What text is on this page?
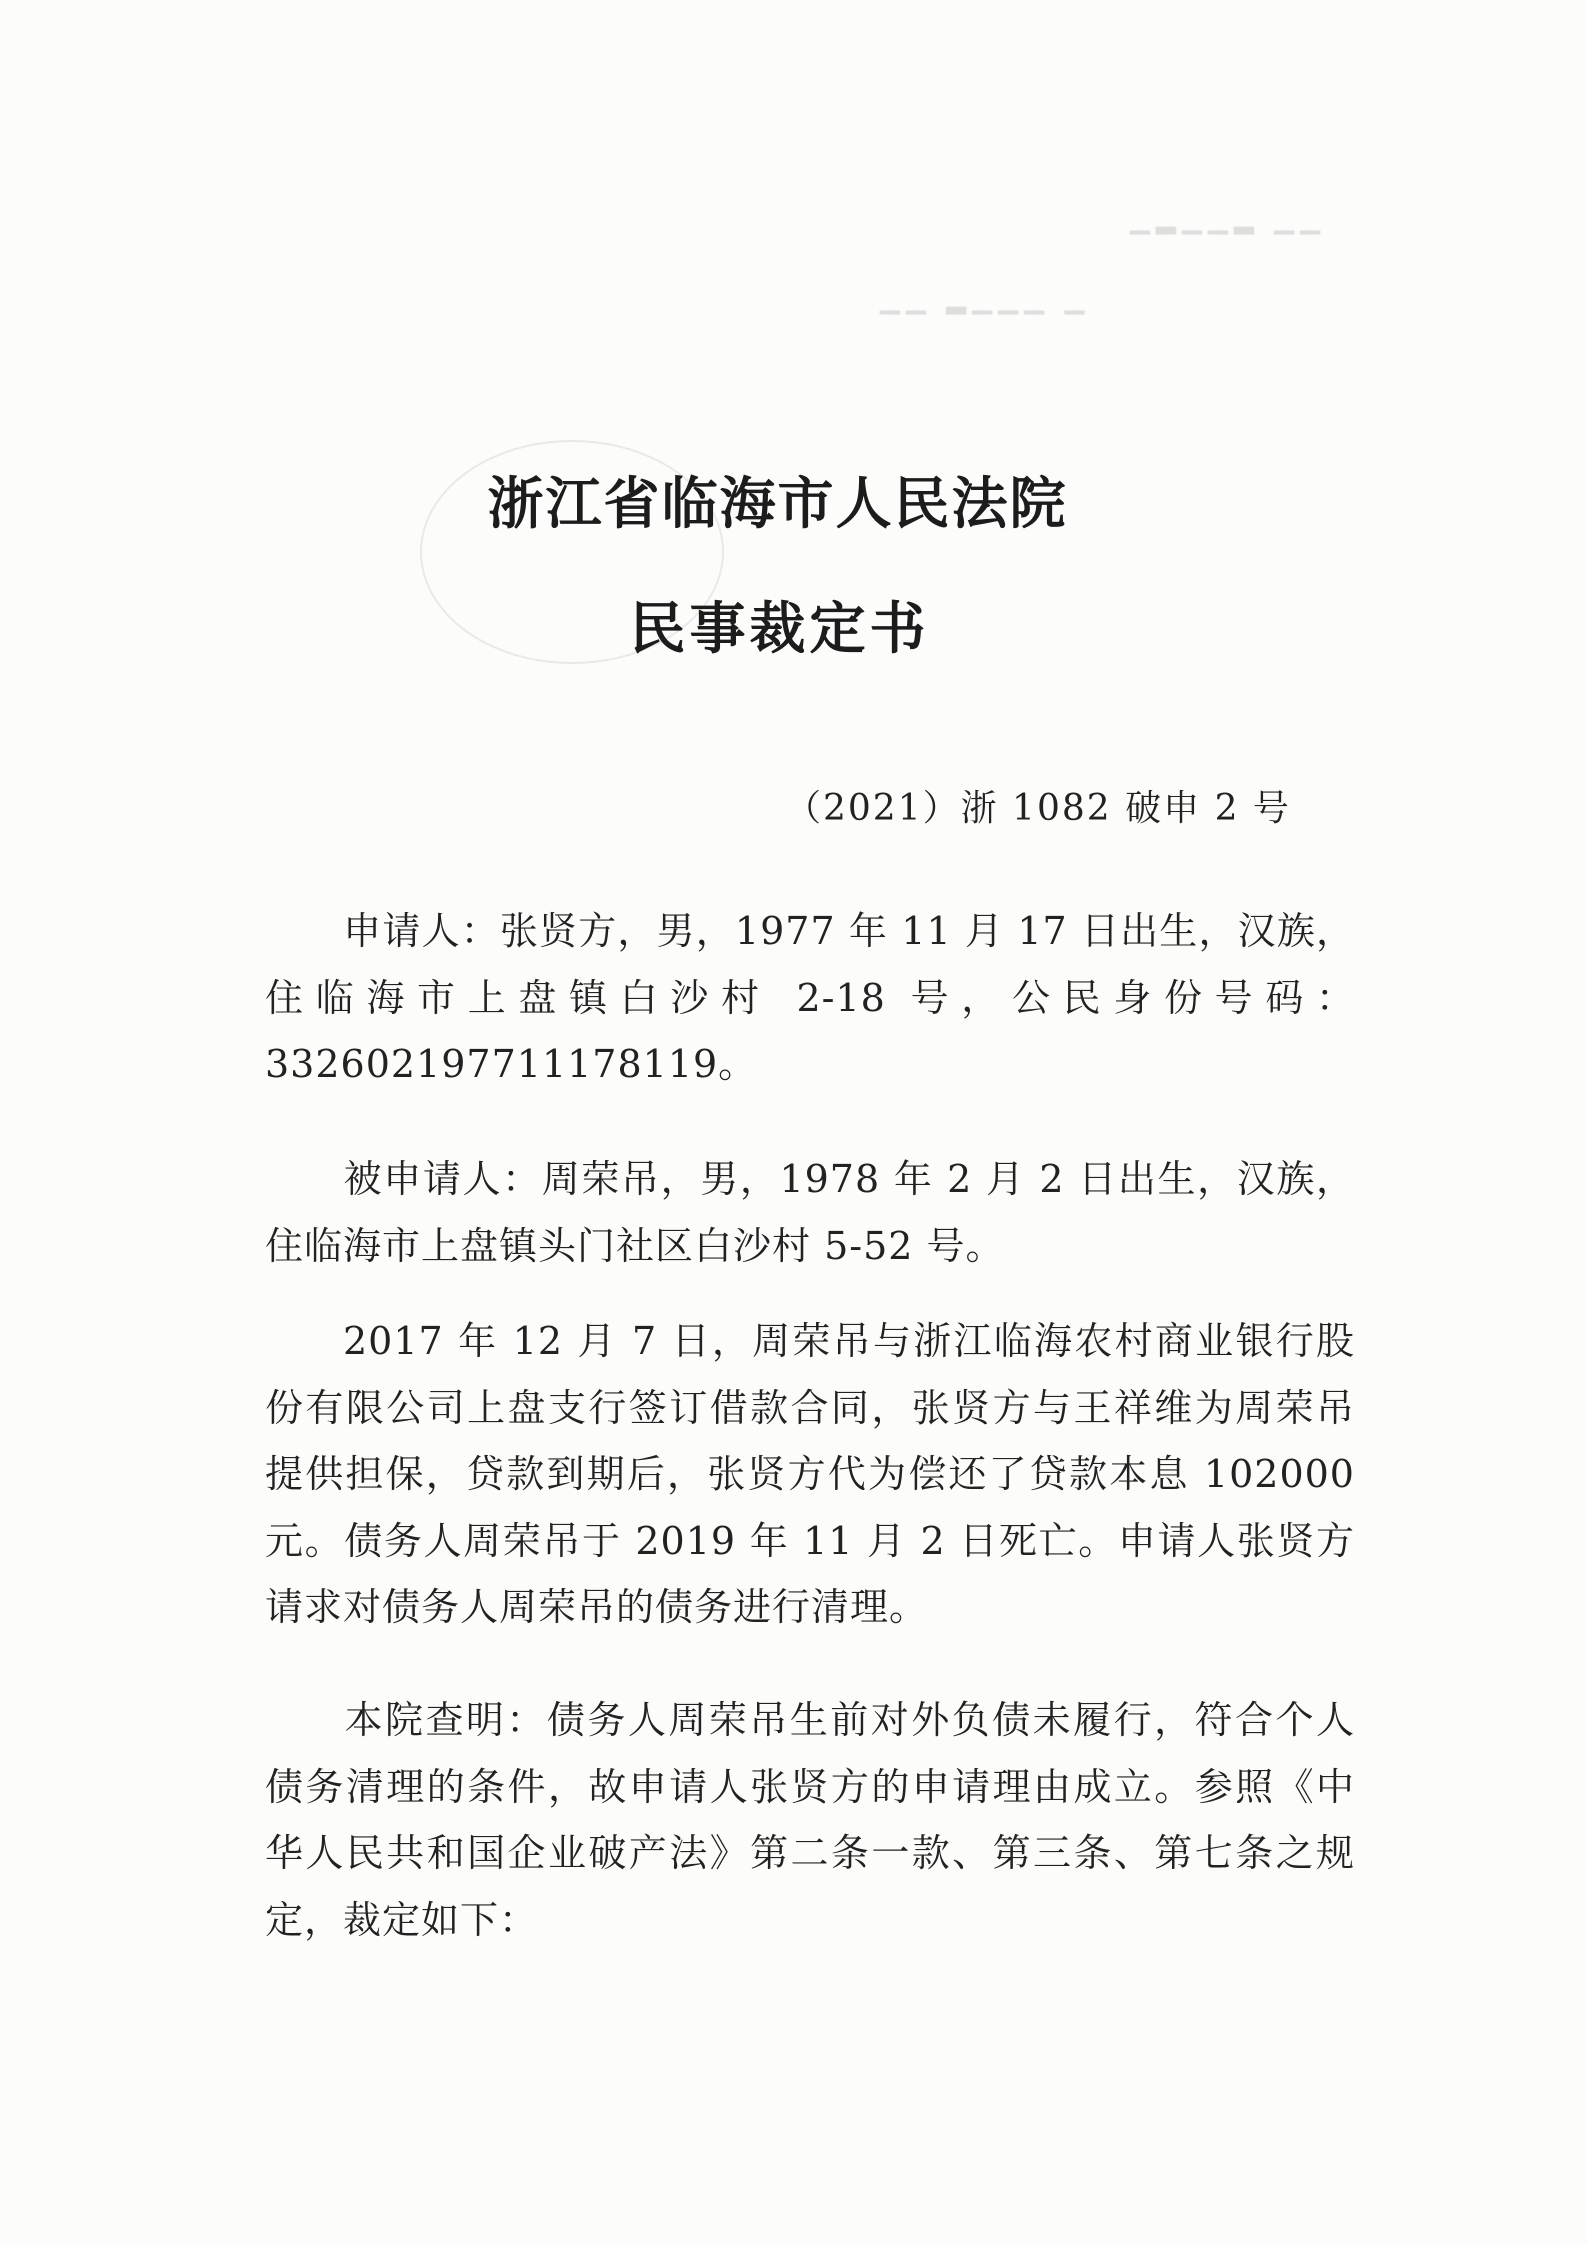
▁▂▁▁▂ ▁▁
▁▁ ▂▁▁▁ ▁
浙江省临海市人民法院
民事裁定书
（2021）浙 1082 破申 2 号
申请人：张贤方，男，1977 年 11 月 17 日出生，汉族，住临海市上盘镇白沙村 2-18 号，公民身份号码：332602197711178119。
被申请人：周荣吊，男，1978 年 2 月 2 日出生，汉族，住临海市上盘镇头门社区白沙村 5-52 号。
2017 年 12 月 7 日，周荣吊与浙江临海农村商业银行股份有限公司上盘支行签订借款合同，张贤方与王祥维为周荣吊提供担保，贷款到期后，张贤方代为偿还了贷款本息 102000 元。债务人周荣吊于 2019 年 11 月 2 日死亡。申请人张贤方请求对债务人周荣吊的债务进行清理。
本院查明：债务人周荣吊生前对外负债未履行，符合个人债务清理的条件，故申请人张贤方的申请理由成立。参照《中华人民共和国企业破产法》第二条一款、第三条、第七条之规定，裁定如下：
